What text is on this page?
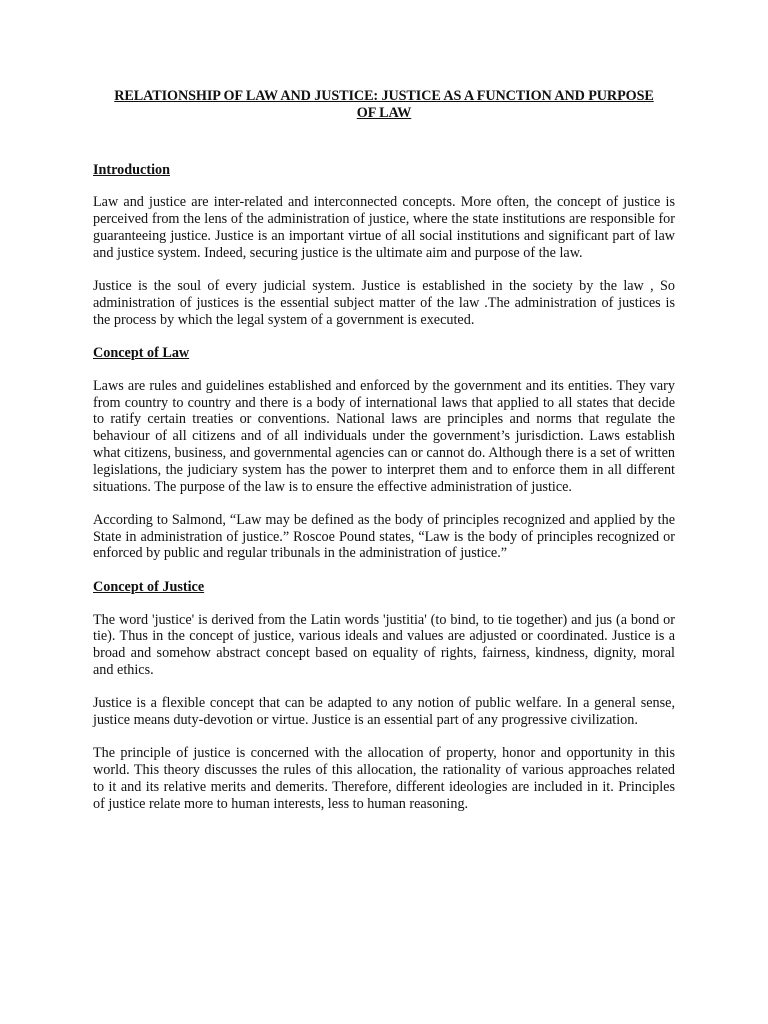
RELATIONSHIP OF LAW AND JUSTICE: JUSTICE AS A FUNCTION AND PURPOSE OF LAW

Introduction

Law and justice are inter-related and interconnected concepts. More often, the concept of justice is perceived from the lens of the administration of justice, where the state institutions are responsible for guaranteeing justice. Justice is an important virtue of all social institutions and significant part of law and justice system. Indeed, securing justice is the ultimate aim and purpose of the law.

Justice is the soul of every judicial system. Justice is established in the society by the law , So administration of justices is the essential subject matter of the law .The administration of justices is the process by which the legal system of a government is executed.

Concept of Law

Laws are rules and guidelines established and enforced by the government and its entities. They vary from country to country and there is a body of international laws that applied to all states that decide to ratify certain treaties or conventions. National laws are principles and norms that regulate the behaviour of all citizens and of all individuals under the government’s jurisdiction. Laws establish what citizens, business, and governmental agencies can or cannot do. Although there is a set of written legislations, the judiciary system has the power to interpret them and to enforce them in all different situations. The purpose of the law is to ensure the effective administration of justice.

According to Salmond, “Law may be defined as the body of principles recognized and applied by the State in administration of justice.” Roscoe Pound states, “Law is the body of principles recognized or enforced by public and regular tribunals in the administration of justice.”

Concept of Justice

The word 'justice' is derived from the Latin words 'justitia' (to bind, to tie together) and jus (a bond or tie). Thus in the concept of justice, various ideals and values are adjusted or coordinated. Justice is a broad and somehow abstract concept based on equality of rights, fairness, kindness, dignity, moral and ethics.

Justice is a flexible concept that can be adapted to any notion of public welfare. In a general sense, justice means duty-devotion or virtue. Justice is an essential part of any progressive civilization.

The principle of justice is concerned with the allocation of property, honor and opportunity in this world. This theory discusses the rules of this allocation, the rationality of various approaches related to it and its relative merits and demerits. Therefore, different ideologies are included in it. Principles of justice relate more to human interests, less to human reasoning.
